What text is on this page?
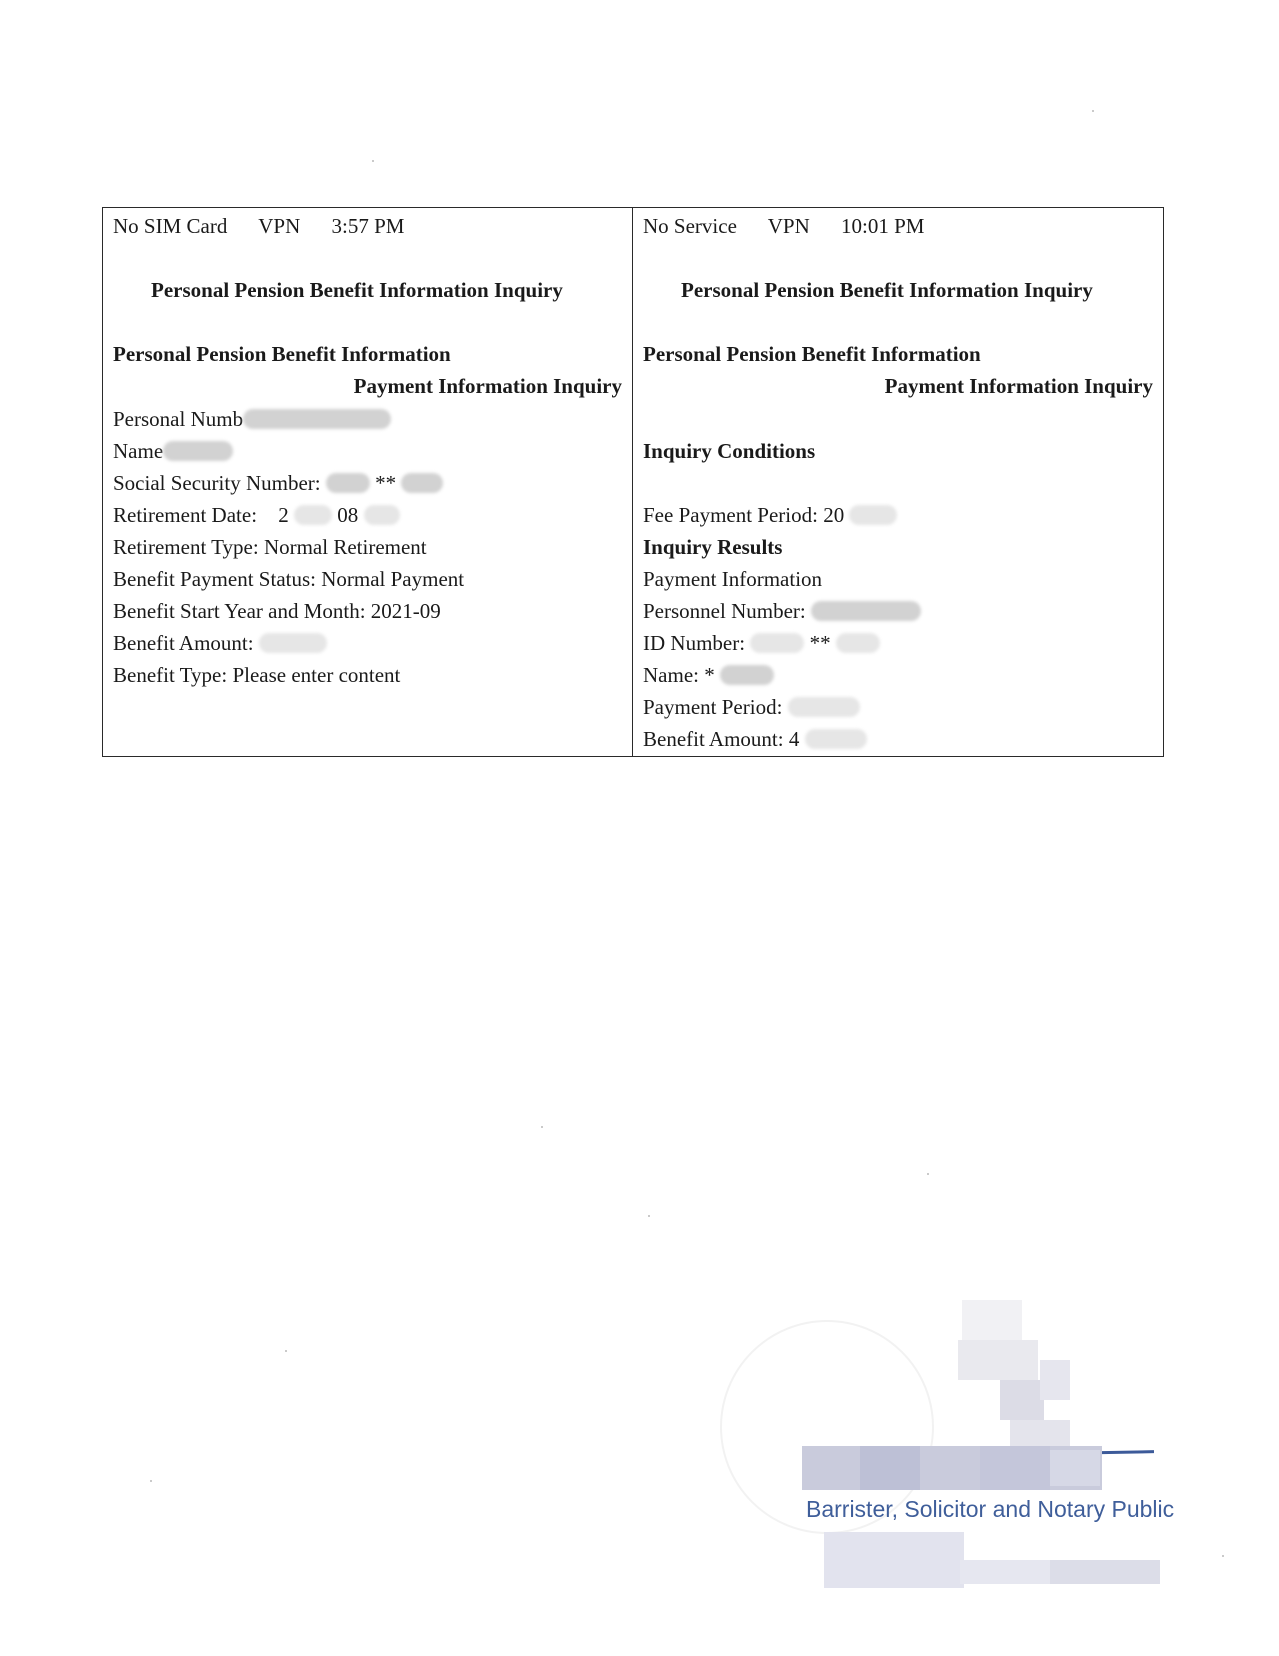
No SIM Card VPN 3:57 PM
Personal Pension Benefit Information Inquiry
Personal Pension Benefit Information
Payment Information Inquiry
Personal Numb
Name
Social Security Number:	**
Retirement Date: 2 08
Retirement Type: Normal Retirement
Benefit Payment Status: Normal Payment
Benefit Start Year and Month: 2021-09
Benefit Amount:
Benefit Type: Please enter content
No Service VPN 10:01 PM
Personal Pension Benefit Information Inquiry
Personal Pension Benefit Information
Payment Information Inquiry
Inquiry Conditions
Fee Payment Period: 20
Inquiry Results
Payment Information
Personnel Number:
ID Number:	**
Name: *
Payment Period:
Benefit Amount: 4
Barrister, Solicitor and Notary Public
